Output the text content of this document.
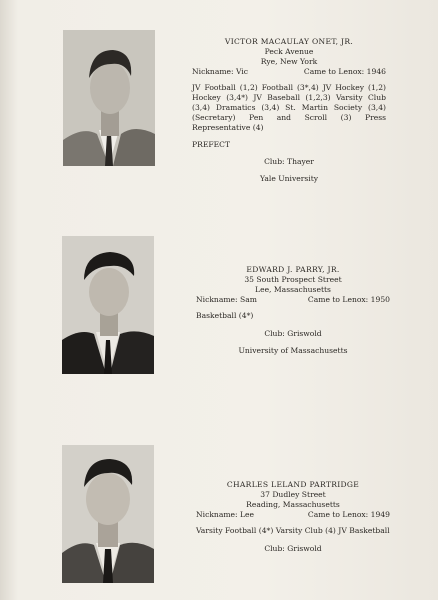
VICTOR MACAULAY ONET, JR.
Peck Avenue
Rye, New York
Nickname: Vic	Came to Lenox: 1946
JV Football (1,2) Football (3*,4) JV Hockey (1,2) Hockey (3,4*) JV Baseball (1,2,3) Varsity Club (3,4) Dramatics (3,4) St. Martin Society (3,4) (Secretary) Pen and Scroll (3) Press Representative (4)
PREFECT
Club: Thayer
Yale University
EDWARD J. PARRY, JR.
35 South Prospect Street
Lee, Massachusetts
Nickname: Sam	Came to Lenox: 1950
Basketball (4*)
Club: Griswold
University of Massachusetts
CHARLES LELAND PARTRIDGE
37 Dudley Street
Reading, Massachusetts
Nickname: Lee	Came to Lenox: 1949
Varsity Football (4*) Varsity Club (4) JV Basketball
Club: Griswold
